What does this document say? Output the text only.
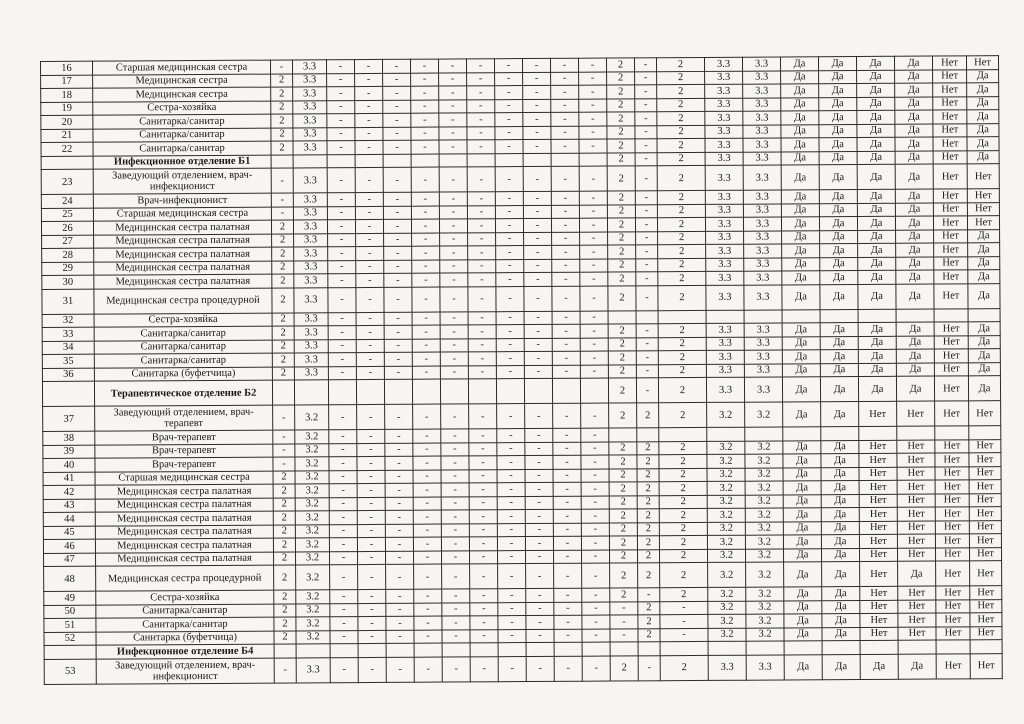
16	Старшая медицинская сестра	-	3.3	-	-	-	-	-	-	-	-	-	-	2	-	2	3.3	3.3	Да	Да	Да	Да	Нет	Нет
17	Медицинская сестра	2	3.3	-	-	-	-	-	-	-	-	-	-	2	-	2	3.3	3.3	Да	Да	Да	Да	Нет	Да
18	Медицинская сестра	2	3.3	-	-	-	-	-	-	-	-	-	-	2	-	2	3.3	3.3	Да	Да	Да	Да	Нет	Да
19	Сестра-хозяйка	2	3.3	-	-	-	-	-	-	-	-	-	-	2	-	2	3.3	3.3	Да	Да	Да	Да	Нет	Да
20	Санитарка/санитар	2	3.3	-	-	-	-	-	-	-	-	-	-	2	-	2	3.3	3.3	Да	Да	Да	Да	Нет	Да
21	Санитарка/санитар	2	3.3	-	-	-	-	-	-	-	-	-	-	2	-	2	3.3	3.3	Да	Да	Да	Да	Нет	Да
22	Санитарка/санитар	2	3.3	-	-	-	-	-	-	-	-	-	-	2	-	2	3.3	3.3	Да	Да	Да	Да	Нет	Да
	Инфекционное отделение Б1													2	-	2	3.3	3.3	Да	Да	Да	Да	Нет	Да
23	Заведующий отделением, врач-инфекционист	-	3.3	-	-	-	-	-	-	-	-	-	-	2	-	2	3.3	3.3	Да	Да	Да	Да	Нет	Нет
24	Врач-инфекционист	-	3.3	-	-	-	-	-	-	-	-	-	-	2	-	2	3.3	3.3	Да	Да	Да	Да	Нет	Нет
25	Старшая медицинская сестра	-	3.3	-	-	-	-	-	-	-	-	-	-	2	-	2	3.3	3.3	Да	Да	Да	Да	Нет	Нет
26	Медицинская сестра палатная	2	3.3	-	-	-	-	-	-	-	-	-	-	2	-	2	3.3	3.3	Да	Да	Да	Да	Нет	Нет
27	Медицинская сестра палатная	2	3.3	-	-	-	-	-	-	-	-	-	-	2	-	2	3.3	3.3	Да	Да	Да	Да	Нет	Да
28	Медицинская сестра палатная	2	3.3	-	-	-	-	-	-	-	-	-	-	2	-	2	3.3	3.3	Да	Да	Да	Да	Нет	Да
29	Медицинская сестра палатная	2	3.3	-	-	-	-	-	-	-	-	-	-	2	-	2	3.3	3.3	Да	Да	Да	Да	Нет	Да
30	Медицинская сестра палатная	2	3.3	-	-	-	-	-	-	-	-	-	-	2	-	2	3.3	3.3	Да	Да	Да	Да	Нет	Да
31	Медицинская сестра процедурной	2	3.3	-	-	-	-	-	-	-	-	-	-	2	-	2	3.3	3.3	Да	Да	Да	Да	Нет	Да
32	Сестра-хозяйка	2	3.3	-	-	-	-	-	-	-	-	-	-											
33	Санитарка/санитар	2	3.3	-	-	-	-	-	-	-	-	-	-	2	-	2	3.3	3.3	Да	Да	Да	Да	Нет	Да
34	Санитарка/санитар	2	3.3	-	-	-	-	-	-	-	-	-	-	2	-	2	3.3	3.3	Да	Да	Да	Да	Нет	Да
35	Санитарка/санитар	2	3.3	-	-	-	-	-	-	-	-	-	-	2	-	2	3.3	3.3	Да	Да	Да	Да	Нет	Да
36	Санитарка (буфетчица)	2	3.3	-	-	-	-	-	-	-	-	-	-	2	-	2	3.3	3.3	Да	Да	Да	Да	Нет	Да
	Терапевтическое отделение Б2													2	-	2	3.3	3.3	Да	Да	Да	Да	Нет	Да
37	Заведующий отделением, врач-терапевт	-	3.2	-	-	-	-	-	-	-	-	-	-	2	2	2	3.2	3.2	Да	Да	Нет	Нет	Нет	Нет
38	Врач-терапевт	-	3.2	-	-	-	-	-	-	-	-	-	-											
39	Врач-терапевт	-	3.2	-	-	-	-	-	-	-	-	-	-	2	2	2	3.2	3.2	Да	Да	Нет	Нет	Нет	Нет
40	Врач-терапевт	-	3.2	-	-	-	-	-	-	-	-	-	-	2	2	2	3.2	3.2	Да	Да	Нет	Нет	Нет	Нет
41	Старшая медицинская сестра	2	3.2	-	-	-	-	-	-	-	-	-	-	2	2	2	3.2	3.2	Да	Да	Нет	Нет	Нет	Нет
42	Медицинская сестра палатная	2	3.2	-	-	-	-	-	-	-	-	-	-	2	2	2	3.2	3.2	Да	Да	Нет	Нет	Нет	Нет
43	Медицинская сестра палатная	2	3.2	-	-	-	-	-	-	-	-	-	-	2	2	2	3.2	3.2	Да	Да	Нет	Нет	Нет	Нет
44	Медицинская сестра палатная	2	3.2	-	-	-	-	-	-	-	-	-	-	2	2	2	3.2	3.2	Да	Да	Нет	Нет	Нет	Нет
45	Медицинская сестра палатная	2	3.2	-	-	-	-	-	-	-	-	-	-	2	2	2	3.2	3.2	Да	Да	Нет	Нет	Нет	Нет
46	Медицинская сестра палатная	2	3.2	-	-	-	-	-	-	-	-	-	-	2	2	2	3.2	3.2	Да	Да	Нет	Нет	Нет	Нет
47	Медицинская сестра палатная	2	3.2	-	-	-	-	-	-	-	-	-	-	2	2	2	3.2	3.2	Да	Да	Нет	Нет	Нет	Нет
48	Медицинская сестра процедурной	2	3.2	-	-	-	-	-	-	-	-	-	-	2	2	2	3.2	3.2	Да	Да	Нет	Да	Нет	Нет
49	Сестра-хозяйка	2	3.2	-	-	-	-	-	-	-	-	-	-	2	-	2	3.2	3.2	Да	Да	Нет	Нет	Нет	Нет
50	Санитарка/санитар	2	3.2	-	-	-	-	-	-	-	-	-	-	-	2	-	3.2	3.2	Да	Да	Нет	Нет	Нет	Нет
51	Санитарка/санитар	2	3.2	-	-	-	-	-	-	-	-	-	-	-	2	-	3.2	3.2	Да	Да	Нет	Нет	Нет	Нет
52	Санитарка (буфетчица)	2	3.2	-	-	-	-	-	-	-	-	-	-	-	2	-	3.2	3.2	Да	Да	Нет	Нет	Нет	Нет
	Инфекционное отделение Б4																							
53	Заведующий отделением, врач-инфекционист	-	3.3	-	-	-	-	-	-	-	-	-	-	2	-	2	3.3	3.3	Да	Да	Да	Да	Нет	Нет
